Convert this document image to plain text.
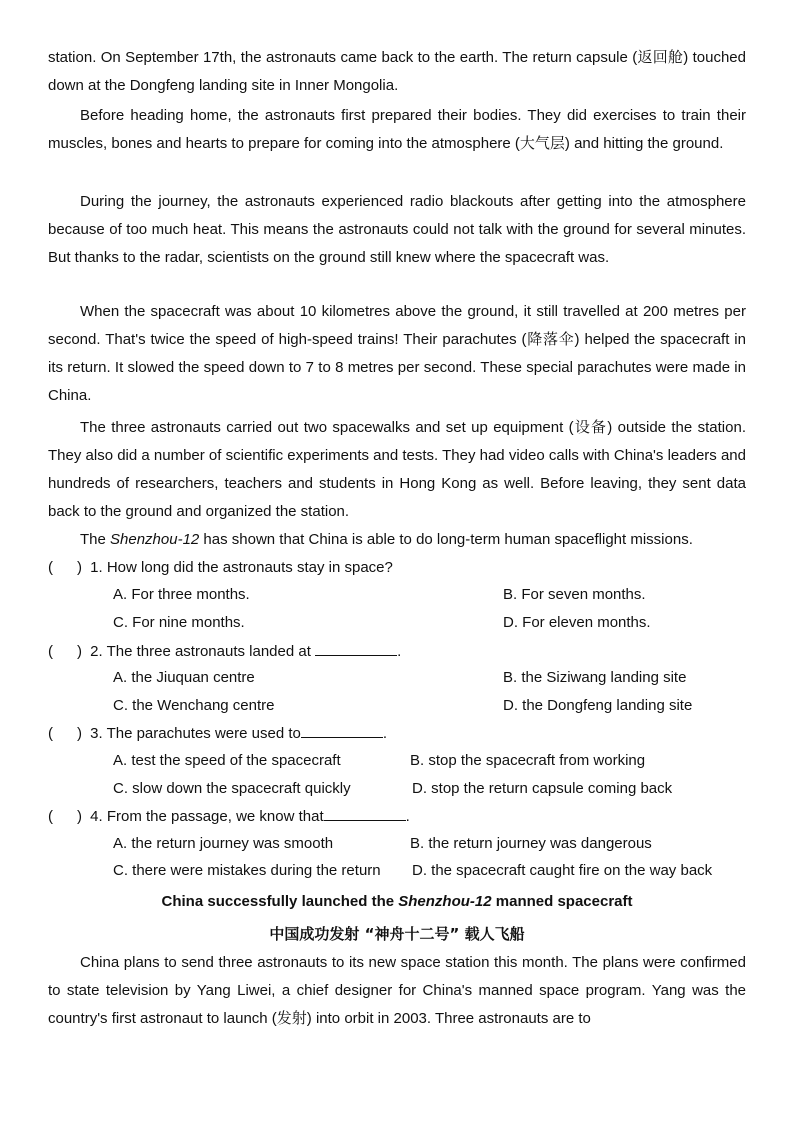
station. On September 17th, the astronauts came back to the earth. The return capsule (返回舱) touched down at the Dongfeng landing site in Inner Mongolia.

Before heading home, the astronauts first prepared their bodies. They did exercises to train their muscles, bones and hearts to prepare for coming into the atmosphere (大气层) and hitting the ground.

During the journey, the astronauts experienced radio blackouts after getting into the atmosphere because of too much heat. This means the astronauts could not talk with the ground for several minutes. But thanks to the radar, scientists on the ground still knew where the spacecraft was.

When the spacecraft was about 10 kilometres above the ground, it still travelled at 200 metres per second. That's twice the speed of high-speed trains! Their parachutes (降落伞) helped the spacecraft in its return. It slowed the speed down to 7 to 8 metres per second. These special parachutes were made in China.

The three astronauts carried out two spacewalks and set up equipment (设备) outside the station. They also did a number of scientific experiments and tests. They had video calls with China's leaders and hundreds of researchers, teachers and students in Hong Kong as well. Before leaving, they sent data back to the ground and organized the station.

The Shenzhou-12 has shown that China is able to do long-term human spaceflight missions.
( ) 1. How long did the astronauts stay in space?
A. For three months.	B. For seven months.
C. For nine months.	D. For eleven months.
( ) 2. The three astronauts landed at	.
A. the Jiuquan centre	B. the Siziwang landing site
C. the Wenchang centre	D. the Dongfeng landing site
( ) 3. The parachutes were used to	.
A. test the speed of the spacecraft	B. stop the spacecraft from working
C. slow down the spacecraft quickly	D. stop the return capsule coming back
( ) 4. From the passage, we know that	.
A. the return journey was smooth	B. the return journey was dangerous
C. there were mistakes during the return D. the spacecraft caught fire on the way back
China successfully launched the Shenzhou-12 manned spacecraft
中国成功发射 “神舟十二号” 载人飞船

China plans to send three astronauts to its new space station this month. The plans were confirmed to state television by Yang Liwei, a chief designer for China's manned space program. Yang was the country's first astronaut to launch (发射) into orbit in 2003. Three astronauts are to
